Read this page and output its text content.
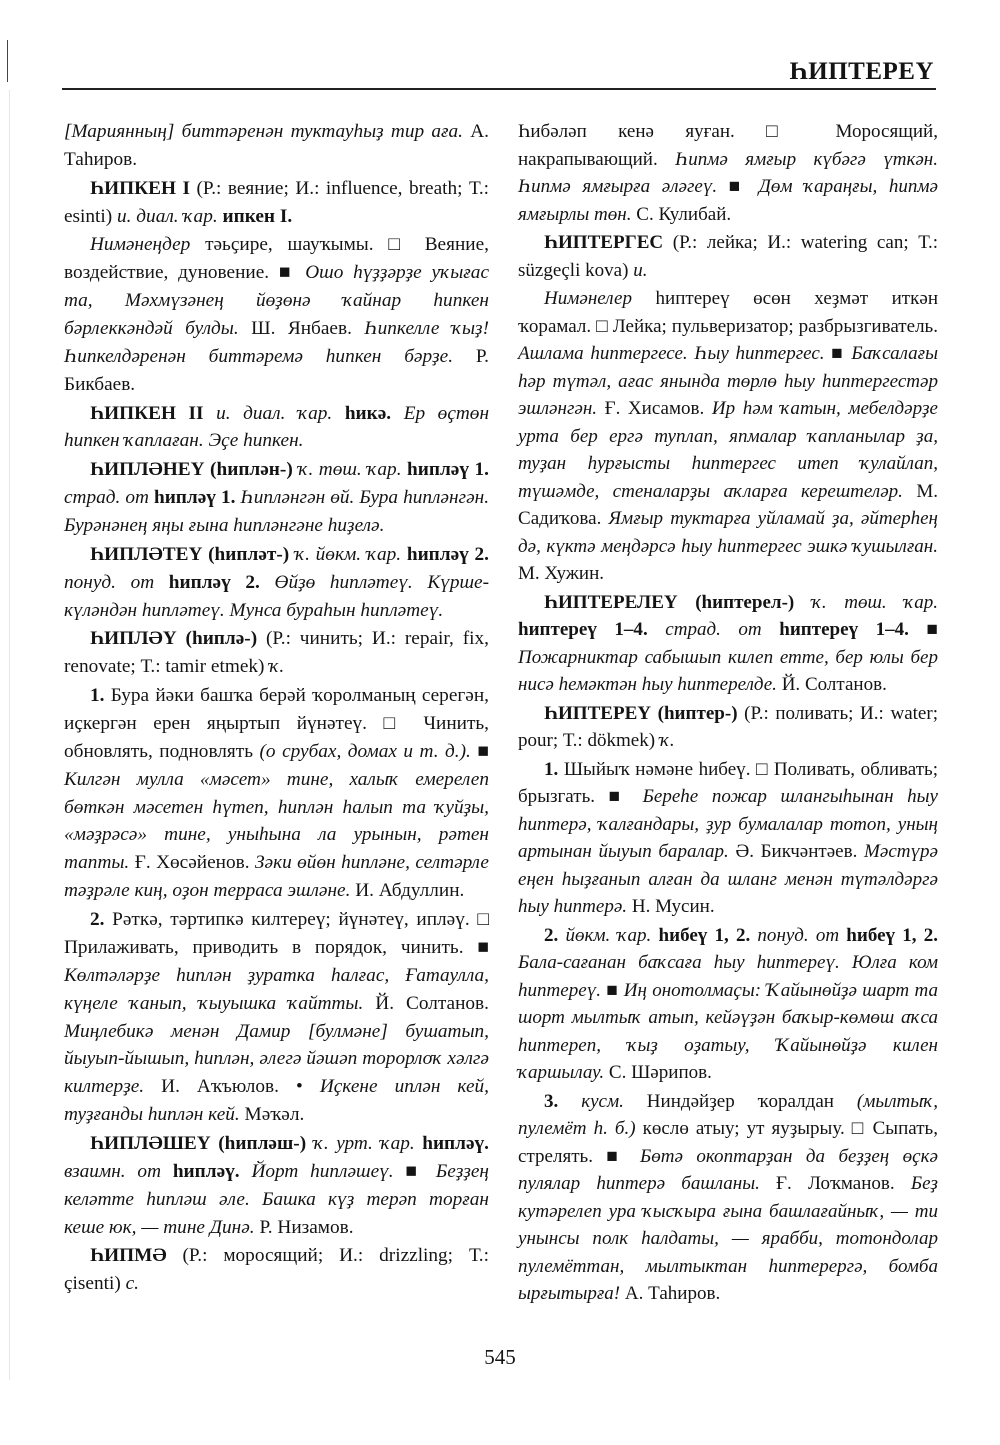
ҺИПТЕРЕҮ

[Мариянның] биттәренән туктауһыҙ тир аға. А. Таһиров.

ҺИПКЕН I (Р.: веяние; И.: influence, breath; Т.: esinti) и. диал. ҡар. ипкен I.

Нимәнеңдер тәьҫире, шауҡымы. □ Веяние, воздействие, дуновение. ■ Ошо һүҙҙәрҙе уҡығас та, Мәхмүзәнең йөҙөнә ҡайнар һипкен бәрлеккәндәй булды. Ш. Янбаев. Һипкелле ҡыҙ! Һипкелдәренән биттәремә һипкен бәрҙе. Р. Бикбаев.

ҺИПКЕН II и. диал. ҡар. һикә. Ер өҫтөн һипкен ҡаплаған. Эҫе һипкен.

ҺИПЛӘНЕҮ (һиплән-) ҡ. төш. ҡар. һипләү 1. страд. от һипләү 1. Һипләнгән өй. Бура һипләнгән. Бурәнәнең яңы ғына һипләнгәне һиҙелә.

ҺИПЛӘТЕҮ (һипләт-) ҡ. йөкм. ҡар. һипләү 2. понуд. от һипләү 2. Өйҙө һипләтеү. Күрше-күләндән һипләтеү. Мунса бураһын һипләтеү.

ҺИПЛӘҮ (һиплә-) (Р.: чинить; И.: repair, fix, renovate; Т.: tamir etmek) ҡ.

1. Бура йәки башҡа берәй ҡоролманың серегән, иҫкергән ерен яңыртып йүнәтеү. □ Чинить, обновлять, подновлять (о срубах, домах и т. д.). ■ Килгән мулла «мәсет» тине, халыҡ емерелеп бөткән мәсетен һүтеп, һиплән һалып та ҡуйҙы, «мәҙрәсә» тине, уныһына ла урынын, рәтен тапты. Ғ. Хөсәйенов. Зәки өйөн һипләне, селтәрле тәҙрәле киң, оҙон терраса эшләне. И. Абдуллин.

2. Рәткә, тәртипкә килтереү; йүнәтеү, ипләү. □ Прилаживать, приводить в порядок, чинить. ■ Көлтәләрҙе һиплән ҙуратка һалғас, Ғатаулла, күңеле ҡанып, ҡыуышка ҡайтты. Й. Солтанов. Миңлебикә менән Дамир [булмәне] бушатып, йыуып-йышып, һиплән, әлегә йәшәп торорлоҡ хәлгә килтерҙе. И. Аҡъюлов. • Иҫкене иплән кей, туҙғанды һиплән кей. Мәҡәл.

ҺИПЛӘШЕҮ (һипләш-) ҡ. урт. ҡар. һипләү. взаимн. от һипләү. Йорт һипләшеү. ■ Беҙҙең келәтте һипләш әле. Башка күҙ терәп торған кеше юк, — тине Динә. Р. Низамов.

ҺИПМӘ (Р.: моросящий; И.: drizzling; Т.: çisenti) с.

Һибәләп кенә яуған. □ Моросящий, накрапывающий. Һипмә ямғыр күбәгә үткән. Һипмә ямғырға әләгеү. ■ Дөм ҡараңғы, һипмә ямғырлы төн. С. Кулибай.

ҺИПТЕРГЕС (Р.: лейка; И.: watering can; Т.: süzgeçli kova) и.

Нимәнелер һиптереү өсөн хеҙмәт иткән ҡорамал. □ Лейка; пульверизатор; разбрызгиватель. Ашлама һиптергесе. Һыу һиптергес. ■ Баҡсалағы һәр түтәл, ағас янында төрлө һыу һиптергестәр эшләнгән. Ғ. Хисамов. Ир һәм ҡатын, мебелдәрҙе урта бер ергә туплап, япмалар ҡапланылар ҙа, туҙан һурғысты һиптергес итеп ҡулайлап, түшәмде, стеналарҙы аҡларға керештеләр. М. Садиҡова. Ямғыр туктарға уйламай ҙа, әйтерһең дә, күктә меңдәрсә һыу һиптергес эшкә ҡушылған. М. Хужин.

ҺИПТЕРЕЛЕҮ (һиптерел-) ҡ. төш. ҡар. һиптереү 1–4. страд. от һиптереү 1–4. ■ Пожарниктар сабышып килеп етте, бер юлы бер нисә һемәктән һыу һиптерелде. Й. Солтанов.

ҺИПТЕРЕҮ (һиптер-) (Р.: поливать; И.: water; pour; Т.: dökmek) ҡ.

1. Шыйыҡ нәмәне һибеү. □ Поливать, обливать; брызгать. ■ Береһе пожар шлангыһынан һыу һиптерә, ҡалғандары, ҙур бумалалар тотоп, уның артынан йыуып баралар. Ә. Бикчәнтәев. Мәстүрә еңен һыҙғанып алған да шланг менән түтәлдәргә һыу һиптерә. Н. Мусин.

2. йөкм. ҡар. һибеү 1, 2. понуд. от һибеү 1, 2. Бала-сағанан баҡсаға һыу һиптереү. Юлға ком һиптереү. ■ Иң онотолмаҫы: Ҡайынөйҙә шарт та шорт мылтыҡ атып, кейәүҙән баҡыр-көмөш аҡса һиптереп, ҡыҙ оҙатыу, Ҡайынөйҙә килен ҡаршылау. С. Шәрипов.

3. кусм. Ниндәйҙер ҡоралдан (мылтыҡ, пулемёт һ. б.) көслө атыу; ут яуҙырыу. □ Сыпать, стрелять. ■ Бөтә окоптарҙан да беҙҙең өҫкә пулялар һиптерә башланы. Ғ. Лоҡманов. Беҙ кутәрелеп ура ҡысҡыра ғына башлағайныҡ, — ти унынсы полк һалдаты, — ярабби, тотондолар пулемёттан, мылтыктан һиптерергә, бомба ырғытырға! А. Таһиров.

545
